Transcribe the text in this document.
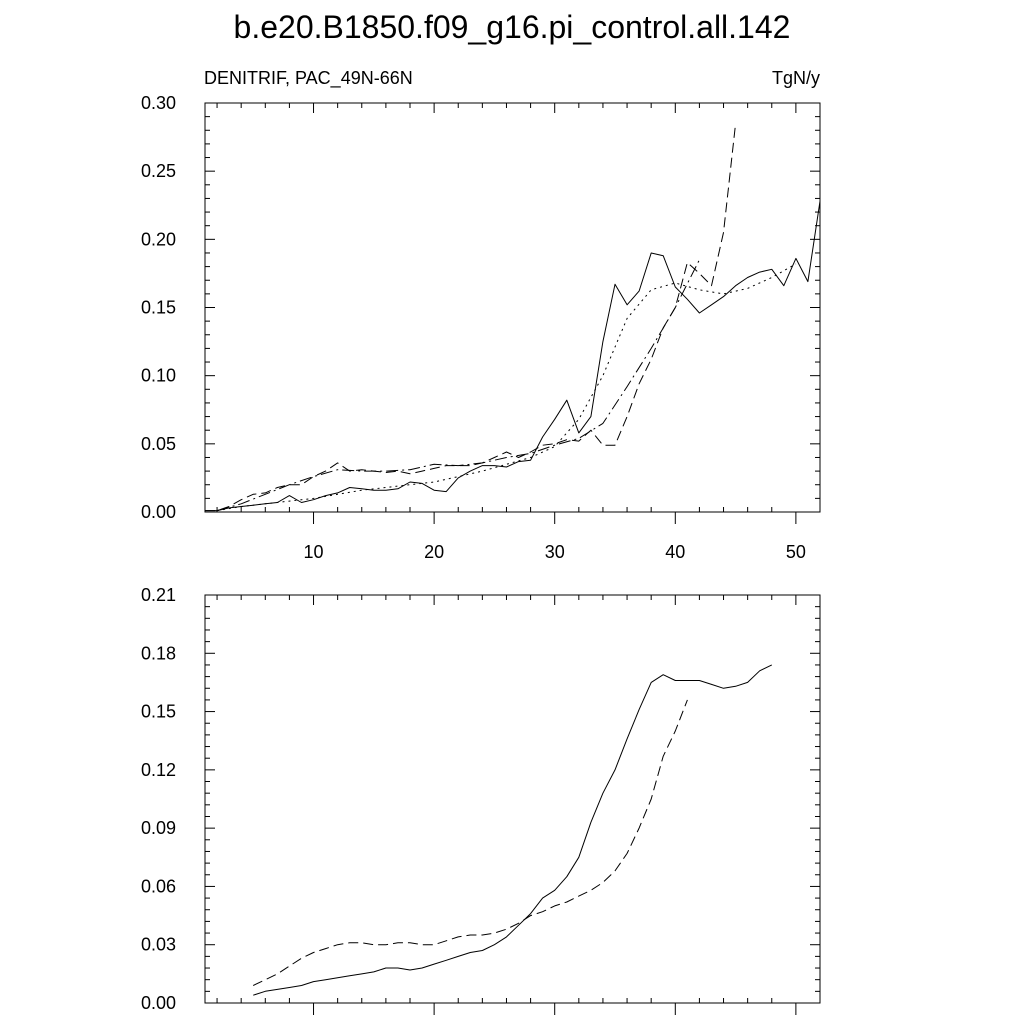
b.e20.B1850.f09_g16.pi_control.all.142
DENITRIF, PAC_49N-66N	TgN/y
0.00
0.05
0.10
0.15
0.20
0.25
0.30
10	20	30	40	50
0.00
0.03
0.06
0.09
0.12
0.15
0.18
0.21
